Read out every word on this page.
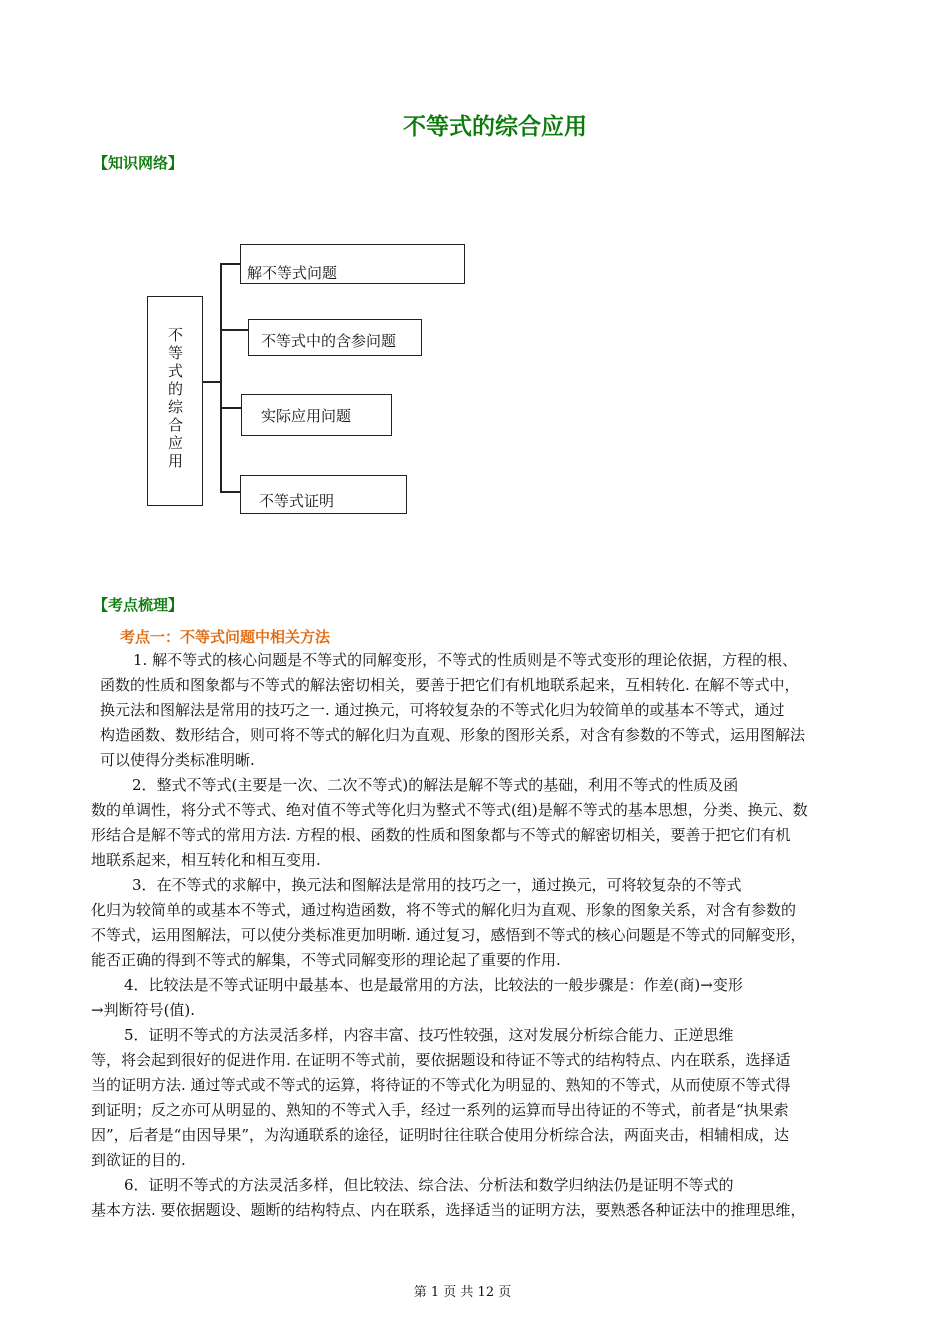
不等式的综合应用
【知识网络】
不等式的综合应用
解不等式问题
不等式中的含参问题
实际应用问题
不等式证明
【考点梳理】
考点一：不等式问题中相关方法
1. 解不等式的核心问题是不等式的同解变形，不等式的性质则是不等式变形的理论依据，方程的根、
函数的性质和图象都与不等式的解法密切相关，要善于把它们有机地联系起来，互相转化. 在解不等式中，
换元法和图解法是常用的技巧之一. 通过换元，可将较复杂的不等式化归为较简单的或基本不等式，通过
构造函数、数形结合，则可将不等式的解化归为直观、形象的图形关系，对含有参数的不等式，运用图解法
可以使得分类标准明晰.
2．整式不等式(主要是一次、二次不等式)的解法是解不等式的基础，利用不等式的性质及函
数的单调性，将分式不等式、绝对值不等式等化归为整式不等式(组)是解不等式的基本思想，分类、换元、数
形结合是解不等式的常用方法. 方程的根、函数的性质和图象都与不等式的解密切相关，要善于把它们有机
地联系起来，相互转化和相互变用.
3．在不等式的求解中，换元法和图解法是常用的技巧之一，通过换元，可将较复杂的不等式
化归为较简单的或基本不等式，通过构造函数，将不等式的解化归为直观、形象的图象关系，对含有参数的
不等式，运用图解法，可以使分类标准更加明晰. 通过复习，感悟到不等式的核心问题是不等式的同解变形，
能否正确的得到不等式的解集，不等式同解变形的理论起了重要的作用.
4．比较法是不等式证明中最基本、也是最常用的方法，比较法的一般步骤是：作差(商)→变形
→判断符号(值).
5．证明不等式的方法灵活多样，内容丰富、技巧性较强，这对发展分析综合能力、正逆思维
等，将会起到很好的促进作用. 在证明不等式前，要依据题设和待证不等式的结构特点、内在联系，选择适
当的证明方法. 通过等式或不等式的运算，将待证的不等式化为明显的、熟知的不等式，从而使原不等式得
到证明；反之亦可从明显的、熟知的不等式入手，经过一系列的运算而导出待证的不等式，前者是“执果索
因”，后者是“由因导果”，为沟通联系的途径，证明时往往联合使用分析综合法，两面夹击，相辅相成，达
到欲证的目的.
6．证明不等式的方法灵活多样，但比较法、综合法、分析法和数学归纳法仍是证明不等式的
基本方法. 要依据题设、题断的结构特点、内在联系，选择适当的证明方法，要熟悉各种证法中的推理思维，
第 1 页 共 12 页
